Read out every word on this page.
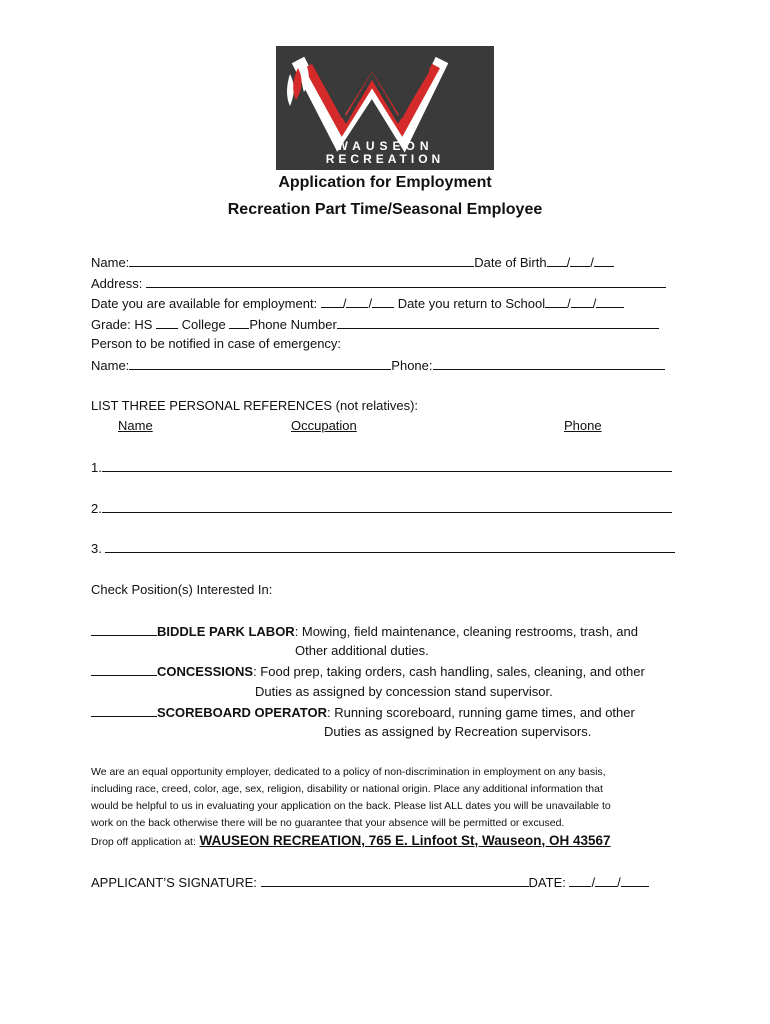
WAUSEON
RECREATION
Application for Employment
Recreation Part Time/Seasonal Employee
Name:	Date of Birth / /
Address:
Date you are available for employment: / / Date you return to School / /
Grade: HS College Phone Number
Person to be notified in case of emergency:
Name:	Phone:
LIST THREE PERSONAL REFERENCES (not relatives):
Name	Occupation	Phone
1.
2.
3.
Check Position(s) Interested In:
BIDDLE PARK LABOR: Mowing, field maintenance, cleaning restrooms, trash, and
Other additional duties.
CONCESSIONS: Food prep, taking orders, cash handling, sales, cleaning, and other
Duties as assigned by concession stand supervisor.
SCOREBOARD OPERATOR: Running scoreboard, running game times, and other
Duties as assigned by Recreation supervisors.
We are an equal opportunity employer, dedicated to a policy of non-discrimination in employment on any basis,
including race, creed, color, age, sex, religion, disability or national origin. Place any additional information that
would be helpful to us in evaluating your application on the back. Please list ALL dates you will be unavailable to
work on the back otherwise there will be no guarantee that your absence will be permitted or excused.
Drop off application at: WAUSEON RECREATION, 765 E. Linfoot St, Wauseon, OH 43567
APPLICANT’S SIGNATURE:	DATE: / /
